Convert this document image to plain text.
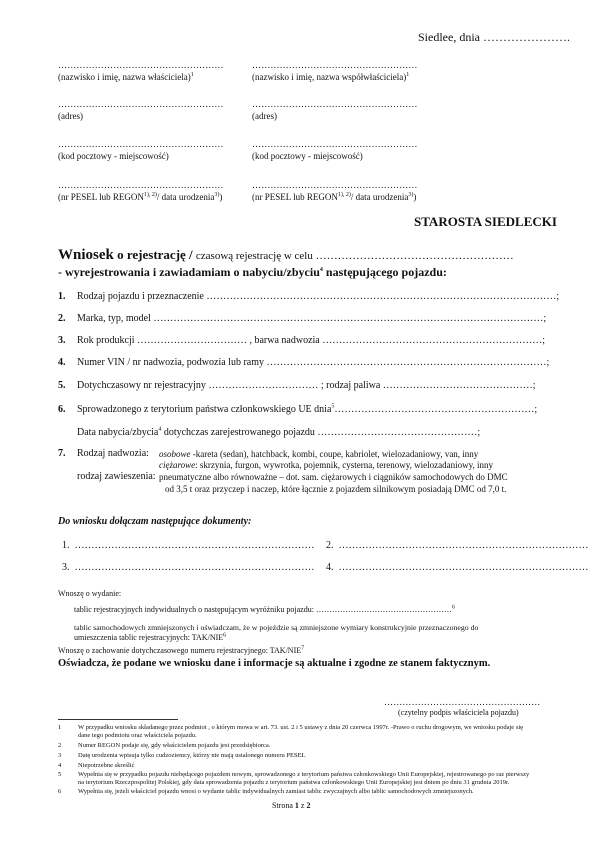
Siedlee, dnia ………………….
………………………………………………	………………………………………………
(nazwisko i imię, nazwa właściciela)$^1$	(nazwisko i imię, nazwa współwłaściciela)$^1$
………………………………………………	………………………………………………
(adres)	(adres)
………………………………………………	………………………………………………
(kod pocztowy - miejscowość)	(kod pocztowy - miejscowość)
………………………………………………	………………………………………………
(nr PESEL lub $REGON^{1), 2)}/$ data urodzenia$^{3)}$)	(nr PESEL lub $REGON^{1), 2)}/$ data urodzenia$^{3)}$)
STAROSTA SIEDLECKI
Wniosek o rejestrację / czasową rejestrację w celu ………………………………………………
- wyrejestrowania i zawiadamiam o nabyciu/zbyciu$^4$ następującego pojazdu:
1. Rodzaj pojazdu i przeznaczenie ……………………………………………………………………………………………;
2. Marka, typ, model ………………………………………………………………………………………………………;
3. Rok produkcji …………………………… , barwa nadwozia …………………………………………………………;
4. Numer VIN / nr nadwozia, podwozia lub ramy …………………………………………………………………………;
5. Dotychczasowy nr rejestracyjny …………………………… ; rodzaj paliwa ………………………………………;
6. Sprowadzonego z terytorium państwa członkowskiego UE dnia$^5$……………………………………………………;
Data nabycia/zbycia$^4$ dotychczas zarejestrowanego pojazdu …………………………………………;
7. Rodzaj nadwozia: osobowe -kareta (sedan), hatchback, kombi, coupe, kabriolet, wielozadaniowy, van, inny
ciężarowe: skrzynia, furgon, wywrotka, pojemnik, cysterna, terenowy, wielozadaniowy, inny
rodzaj zawieszenia: pneumatyczne albo równoważne – dot. sam. ciężarowych i ciągników samochodowych do DMC
od 3,5 t oraz przyczep i naczep, które łącznie z pojazdem silnikowym posiadają DMC od 7,0 t.
Do wniosku dołączam następujące dokumenty:
1. ……………………………………………………………… 2. …………………………………………………………………
3. ……………………………………………………………… 4. …………………………………………………………………
Wnoszę o wydanie:
tablic rejestracyjnych indywidualnych o następującym wyróżniku pojazdu: ……………………………………………$^6$
tablic samochodowych zmniejszonych i oświadczam, że w pojeździe są zmniejszone wymiary konstrukcyjnie przeznaczonego do
umieszczenia tablic rejestracyjnych: TAK/NIE$^6$
Wnoszę o zachowanie dotychczasowego numeru rejestracyjnego: TAK/NIE$^7$
Oświadcza, że podane we wniosku dane i informacje są aktualne i zgodne ze stanem faktycznym.
……………………………………………
(czytelny podpis właściciela pojazdu)
1	W przypadku wniosku składanego przez podmiot , o którym mowa w art. 73. ust. 2 i 5 ustawy z dnia 20 czerwca 1997r. -Prawo o ruchu drogowym, we wniosku podaje się
dane tego podmiotu oraz właściciela pojazdu.
2	Numer REGON podaje się, gdy właścicielem pojazdu jest przedsiębiorca.
3	Datę urodzenia wpisuja tylko cudzoziemcy, którzy nie mają ustalonego numeru PESEL
4	Niepotrzebne skreślić
5	Wypełnia się w przypadku pojazdu niebędącego pojazdem nowym, sprowadzonego z terytorium państwa członkowskiego Unii Europejskiej, rejestrowanego po raz pierwszy
na terytorium Rzeczpospolitej Polskiej, gdy data sprowadzenia pojazdu z terytorium państwa członkowskiego Unii Europejskiej jest dniem po dniu 31 grudnia 2019r.
6	Wypełnia się, jeżeli właściciel pojazdu wnosi o wydanie tablic indywidualnych zamiast tablic zwyczajnych albo tablic samochodowych zmniejszonych.
Strona 1 z 2
